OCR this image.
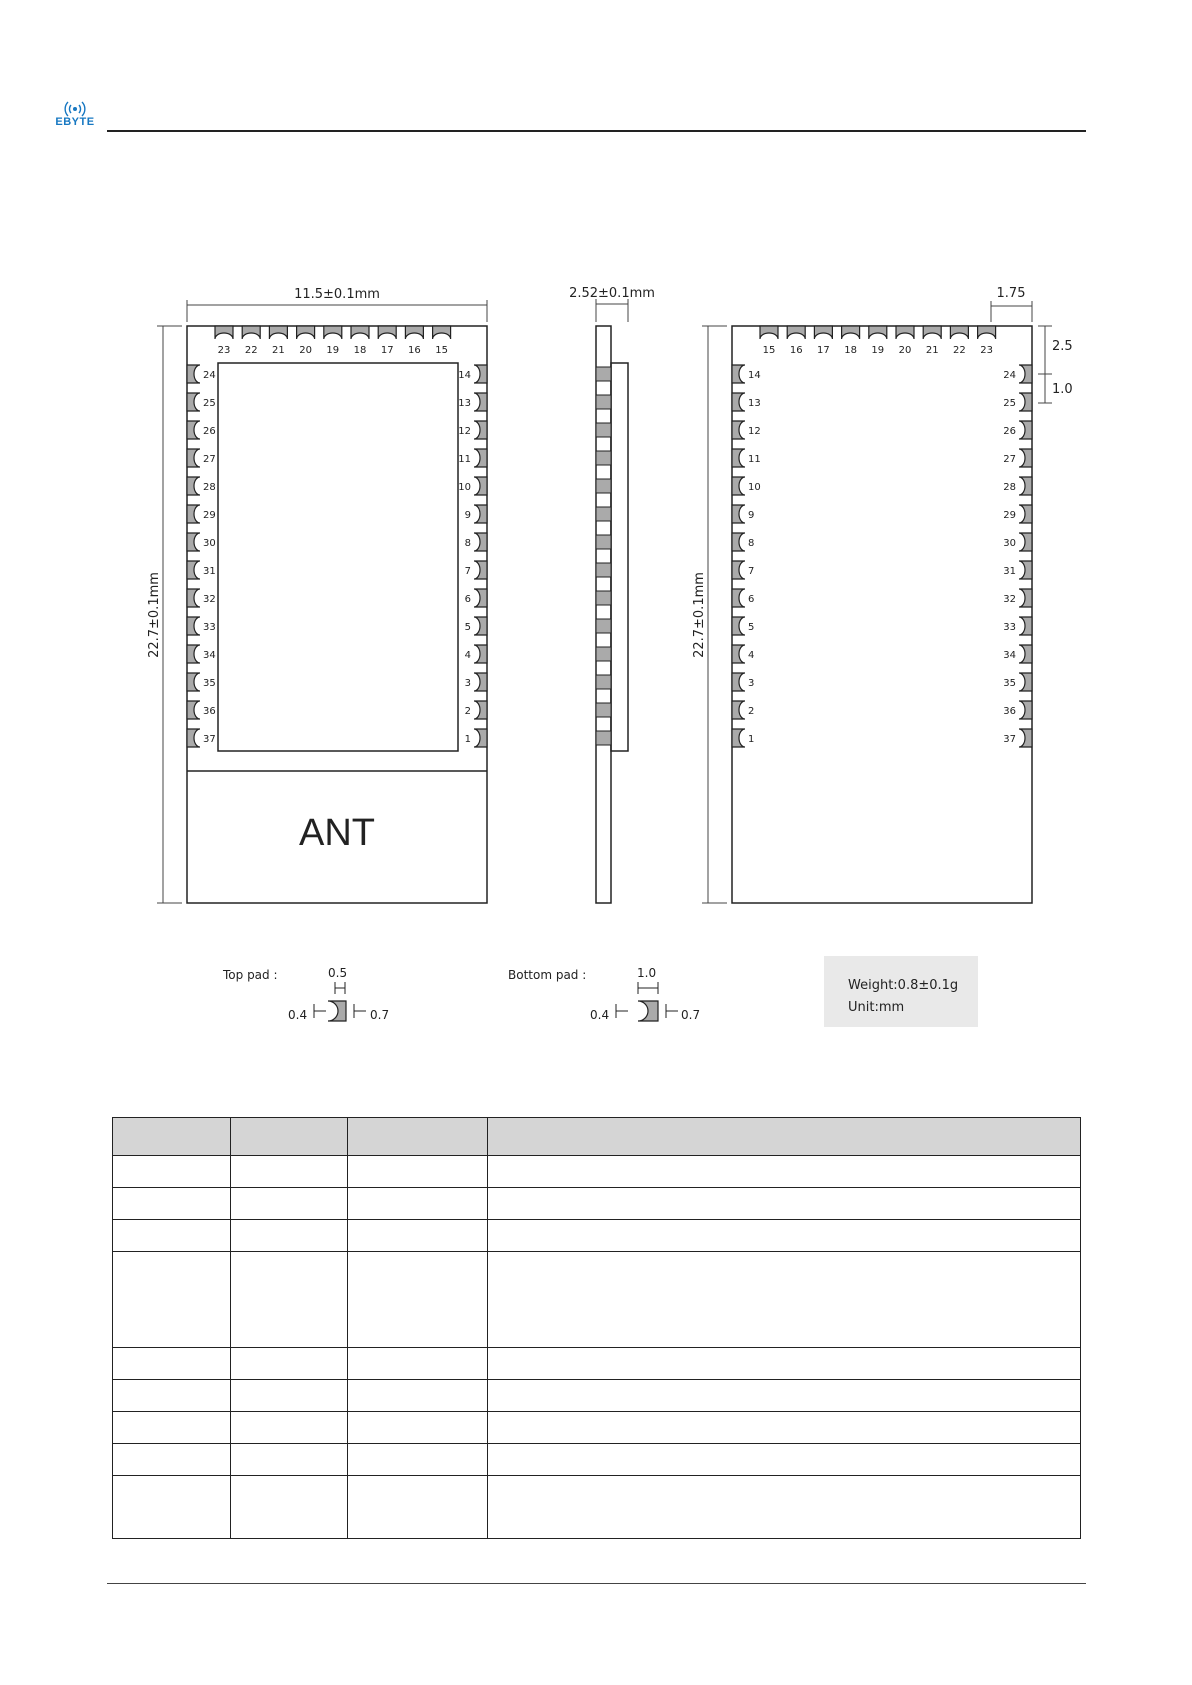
EBYTE
11.5±0.1mm	2.52±0.1mm	1.75
2.5
1.0
22.7±0.1mm	22.7±0.1mm
ANT
23 22 21 20 19 18 17 16 15
24
25
26
27
28
29
30
31
32
33
34
35
36
37
14
13
12
11
10
9
8
7
6
5
4
3
2
1
15 16 17 18 19 20 21 22 23
14
13
12
11
10
9
8
7
6
5
4
3
2
1
24
25
26
27
28
29
30
31
32
33
34
35
36
37
Top pad :	0.5
0.4	0.7
Bottom pad :	1.0
0.4	0.7
Weight:0.8±0.1g
Unit:mm
